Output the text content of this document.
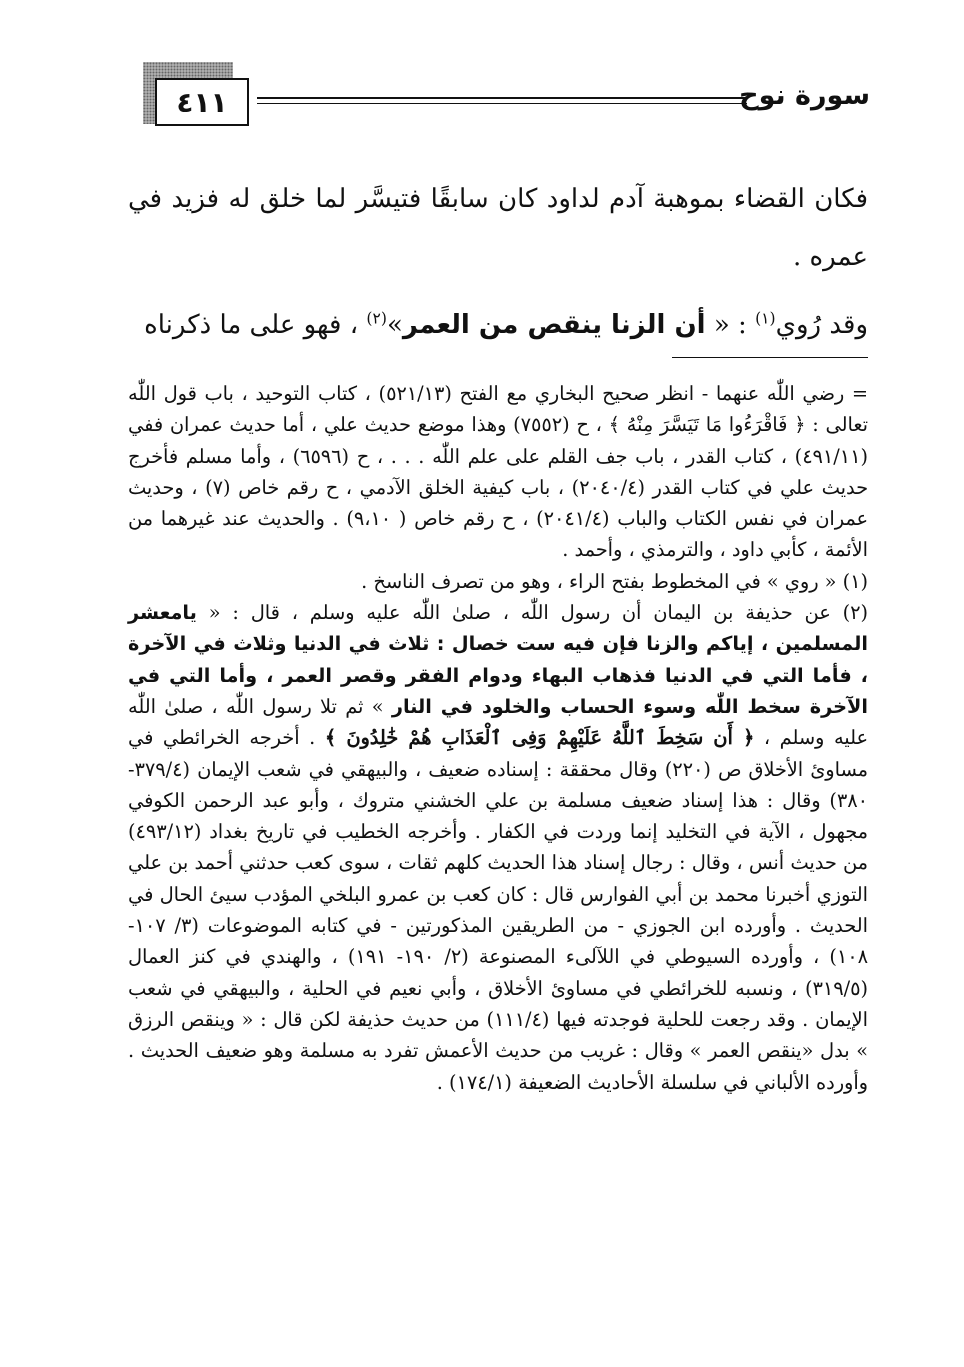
٤١١	سورة نوح

فكان القضاء بموهبة آدم لداود كان سابقًا فتيسَّر لما خلق له فزيد في عمره .

وقد رُوي$^{(١)}$ : « أن الزنا ينقص من العمر»$^{(٢)}$ ، فهو على ما ذكرناه

= رضي اللّٰه عنهما - انظر صحيح البخاري مع الفتح (٥٢١/١٣) ، كتاب التوحيد ، باب قول اللّٰه تعالى : ﴿ فَاقْرَءُوا مَا تَيَسَّرَ مِنْهُ ﴾ ، ح (٧٥٥٢) وهذا موضع حديث علي ، أما حديث عمران ففي (٤٩١/١١) ، كتاب القدر ، باب جف القلم على علم اللّٰه . . . ، ح (٦٥٩٦) ، وأما مسلم فأخرج حديث علي في كتاب القدر (٢٠٤٠/٤) ، باب كيفية الخلق الآدمي ، ح رقم خاص (٧) ، وحديث عمران في نفس الكتاب والباب (٢٠٤١/٤) ، ح رقم خاص ( ٩،١٠) . والحديث عند غيرهما من الأئمة ، كأبي داود ، والترمذي ، وأحمد .

(١) « روي » في المخطوط بفتح الراء ، وهو من تصرف الناسخ .

(٢) عن حذيفة بن اليمان أن رسول اللّٰه ، صلىٰ اللّٰه عليه وسلم ، قال : « يامعشر المسلمين ، إياكم والزنا فإن فيه ست خصال : ثلاث في الدنيا وثلاث في الآخرة ، فأما التي في الدنيا فذهاب البهاء ودوام الفقر وقصر العمر ، وأما التي في الآخرة سخط اللّٰه وسوء الحساب والخلود في النار » ثم تلا رسول اللّٰه ، صلىٰ اللّٰه عليه وسلم ، ﴿ أَن سَخِطَ ٱللَّهُ عَلَيْهِمْ وَفِى ٱلْعَذَابِ هُمْ خَٰلِدُونَ ﴾ . أخرجه الخرائطي في مساوئ الأخلاق ص (٢٢٠) وقال محققة : إسناده ضعيف ، والبيهقي في شعب الإيمان (٣٧٩/٤- ٣٨٠) وقال : هذا إسناد ضعيف مسلمة بن علي الخشني متروك ، وأبو عبد الرحمن الكوفي مجهول ، الآية في التخليد إنما وردت في الكفار . وأخرجه الخطيب في تاريخ بغداد (٤٩٣/١٢) من حديث أنس ، وقال : رجال إسناد هذا الحديث كلهم ثقات ، سوى كعب حدثني أحمد بن علي التوزي أخبرنا محمد بن أبي الفوارس قال : كان كعب بن عمرو البلخي المؤدب سيئ الحال في الحديث . وأورده ابن الجوزي - من الطريقين المذكورتين - في كتابه الموضوعات (٣/ ١٠٧- ١٠٨) ، وأورده السيوطي في اللآلىء المصنوعة (٢/ ١٩٠- ١٩١) ، والهندي في كنز العمال (٣١٩/٥) ، ونسبه للخرائطي في مساوئ الأخلاق ، وأبي نعيم في الحلية ، والبيهقي في شعب الإيمان . وقد رجعت للحلية فوجدته فيها (١١١/٤) من حديث حذيفة لكن قال : « وينقص الرزق » بدل «ينقص العمر » وقال : غريب من حديث الأعمش تفرد به مسلمة وهو ضعيف الحديث . وأورده الألباني في سلسلة الأحاديث الضعيفة (١٧٤/١) .
